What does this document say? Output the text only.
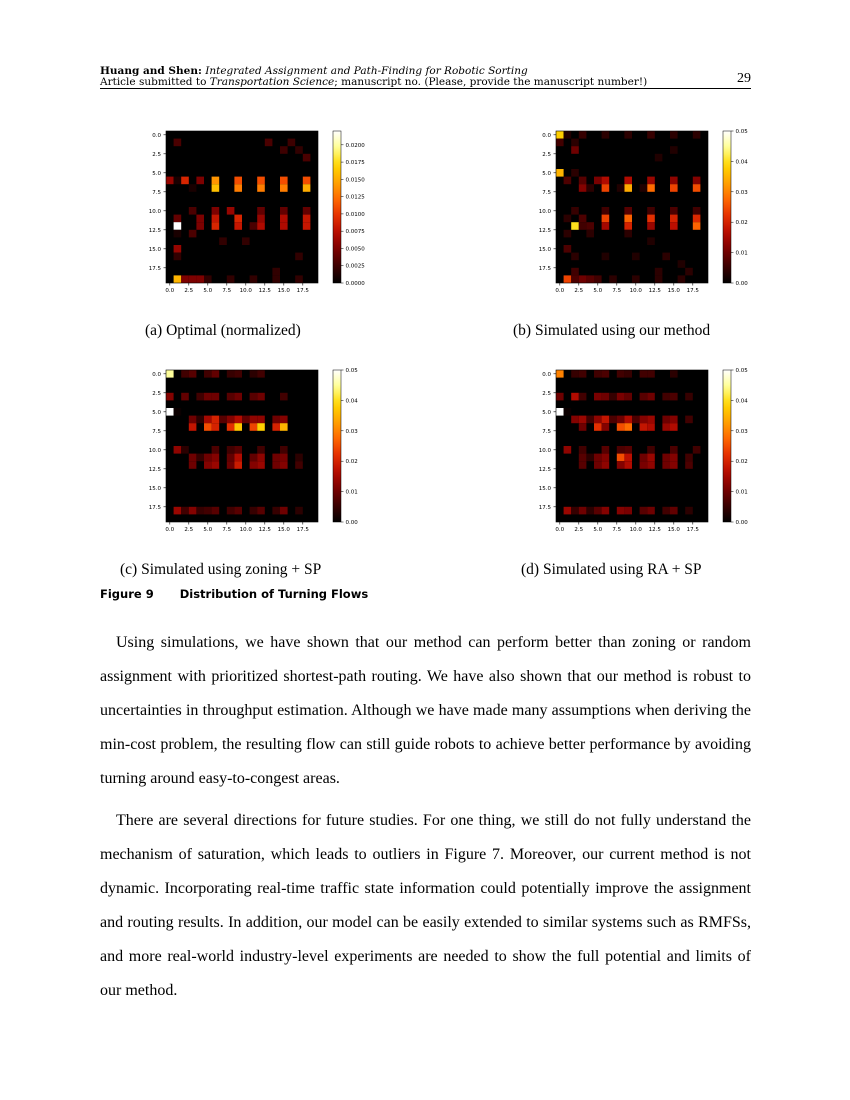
Huang and Shen: Integrated Assignment and Path-Finding for Robotic Sorting
Article submitted to Transportation Science; manuscript no. (Please, provide the manuscript number!)	29
0.0
2.5
5.0
7.5
10.0
12.5
15.0
17.5
0.0 2.5 5.0 7.5 10.0 12.5 15.0 17.5
0.0000
0.0025
0.0050
0.0075
0.0100
0.0125
0.0150
0.0175
0.0200
(a) Optimal (normalized)
0.0
2.5
5.0
7.5
10.0
12.5
15.0
17.5
0.0 2.5 5.0 7.5 10.0 12.5 15.0 17.5
0.00
0.01
0.02
0.03
0.04
0.05
(b) Simulated using our method
0.0
2.5
5.0
7.5
10.0
12.5
15.0
17.5
0.0 2.5 5.0 7.5 10.0 12.5 15.0 17.5
0.00
0.01
0.02
0.03
0.04
0.05
(c) Simulated using zoning + SP
0.0
2.5
5.0
7.5
10.0
12.5
15.0
17.5
0.0 2.5 5.0 7.5 10.0 12.5 15.0 17.5
0.00
0.01
0.02
0.03
0.04
0.05
(d) Simulated using RA + SP
Figure 9 Distribution of Turning Flows

Using simulations, we have shown that our method can perform better than zoning or random assignment with prioritized shortest-path routing. We have also shown that our method is robust to uncertainties in throughput estimation. Although we have made many assumptions when deriving the min-cost problem, the resulting flow can still guide robots to achieve better performance by avoiding turning around easy-to-congest areas.

There are several directions for future studies. For one thing, we still do not fully understand the mechanism of saturation, which leads to outliers in Figure 7. Moreover, our current method is not dynamic. Incorporating real-time traffic state information could potentially improve the assignment and routing results. In addition, our model can be easily extended to similar systems such as RMFSs, and more real-world industry-level experiments are needed to show the full potential and limits of our method.
